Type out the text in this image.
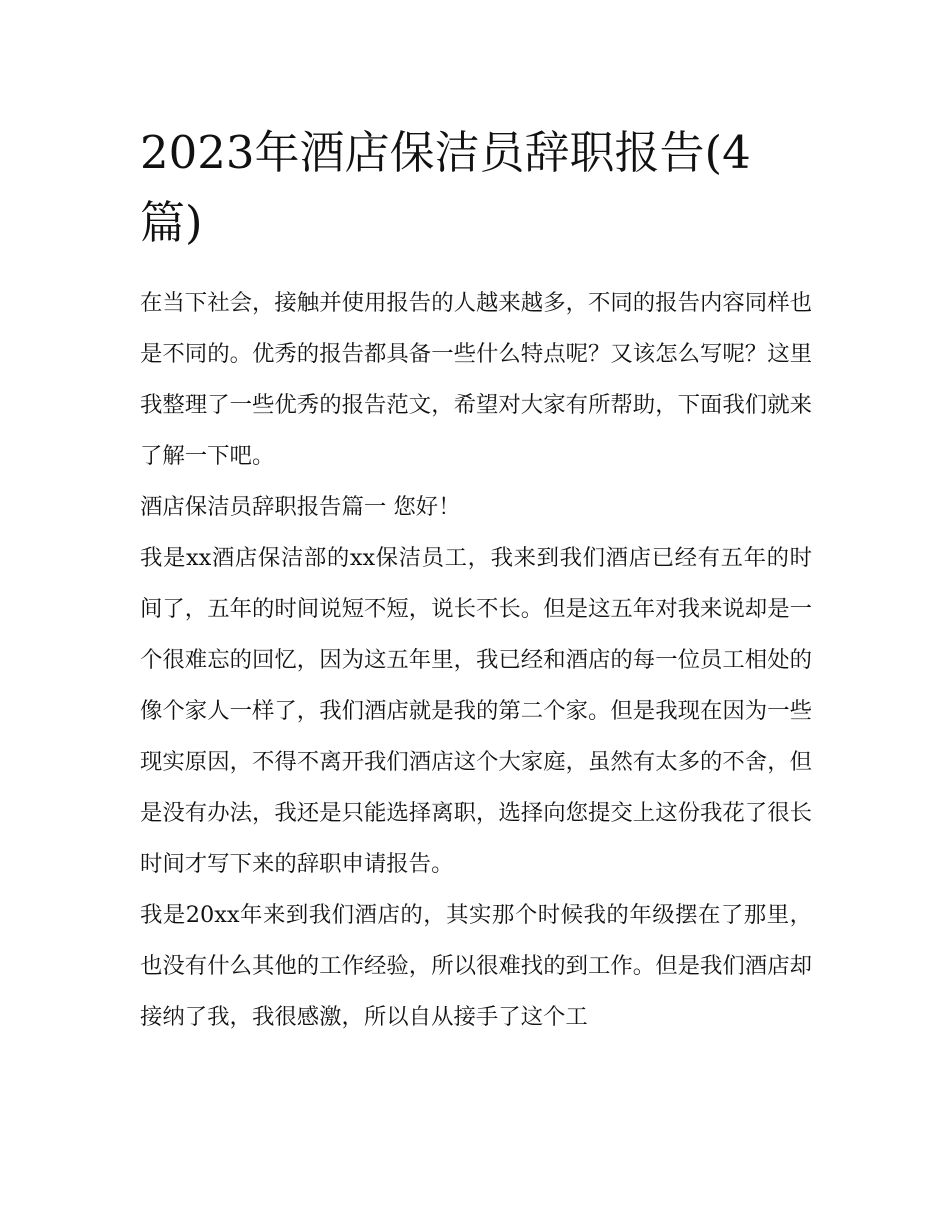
2023年酒店保洁员辞职报告(4篇)

在当下社会，接触并使用报告的人越来越多，不同的报告内容同样也是不同的。优秀的报告都具备一些什么特点呢？又该怎么写呢？这里我整理了一些优秀的报告范文，希望对大家有所帮助，下面我们就来了解一下吧。

酒店保洁员辞职报告篇一 您好！

我是xx酒店保洁部的xx保洁员工，我来到我们酒店已经有五年的时间了，五年的时间说短不短，说长不长。但是这五年对我来说却是一个很难忘的回忆，因为这五年里，我已经和酒店的每一位员工相处的像个家人一样了，我们酒店就是我的第二个家。但是我现在因为一些现实原因，不得不离开我们酒店这个大家庭，虽然有太多的不舍，但是没有办法，我还是只能选择离职，选择向您提交上这份我花了很长时间才写下来的辞职申请报告。

我是20xx年来到我们酒店的，其实那个时候我的年级摆在了那里，也没有什么其他的工作经验，所以很难找的到工作。但是我们酒店却接纳了我，我很感激，所以自从接手了这个工
